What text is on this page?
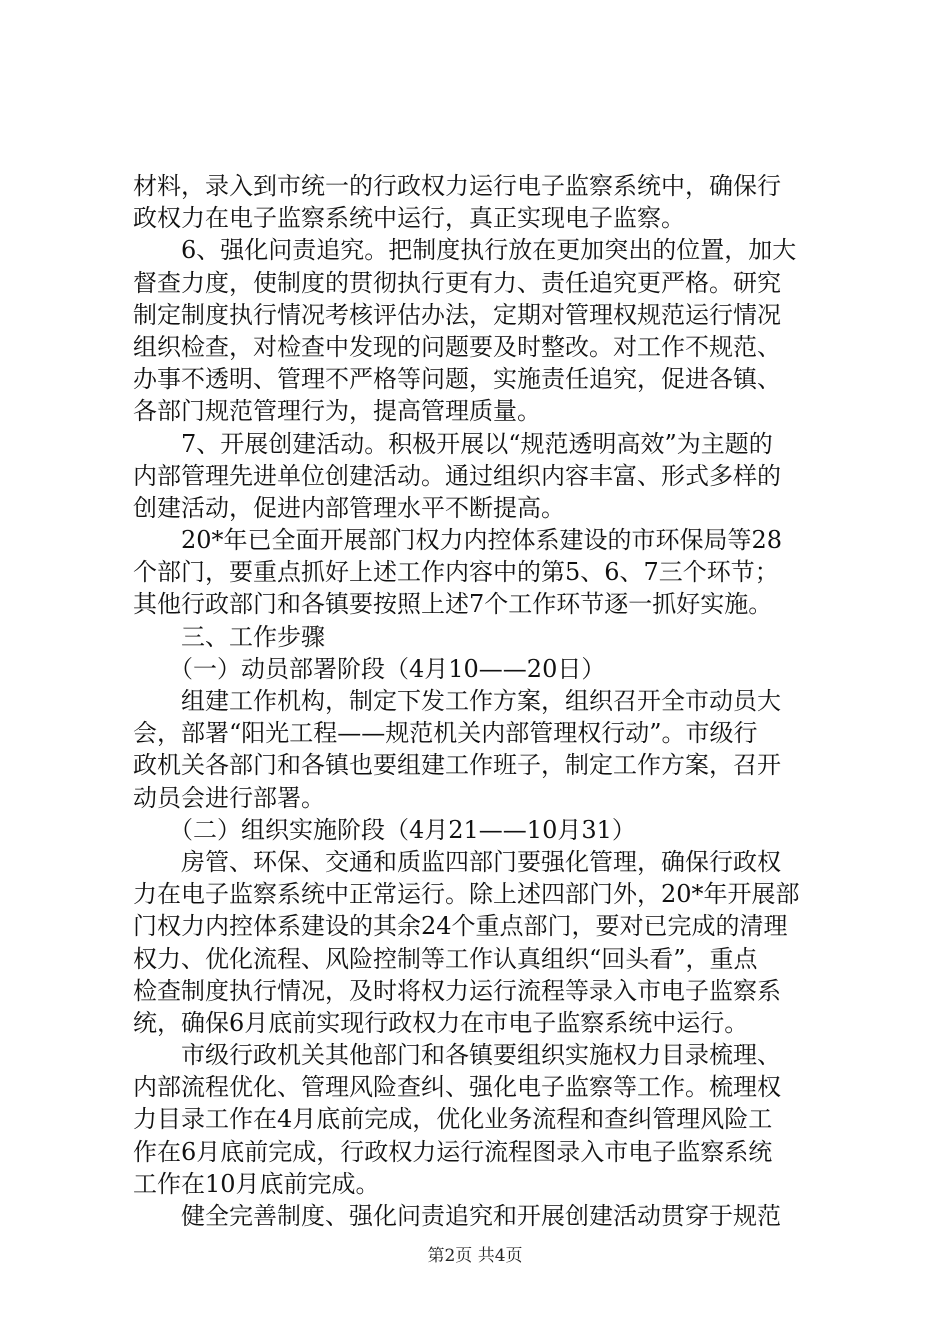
材料，录入到市统一的行政权力运行电子监察系统中，确保行
政权力在电子监察系统中运行，真正实现电子监察。
　　6、强化问责追究。把制度执行放在更加突出的位置，加大
督查力度，使制度的贯彻执行更有力、责任追究更严格。研究
制定制度执行情况考核评估办法，定期对管理权规范运行情况
组织检查，对检查中发现的问题要及时整改。对工作不规范、
办事不透明、管理不严格等问题，实施责任追究，促进各镇、
各部门规范管理行为，提高管理质量。
　　7、开展创建活动。积极开展以“规范透明高效”为主题的
内部管理先进单位创建活动。通过组织内容丰富、形式多样的
创建活动，促进内部管理水平不断提高。
　　20*年已全面开展部门权力内控体系建设的市环保局等28
个部门，要重点抓好上述工作内容中的第5、6、7三个环节；
其他行政部门和各镇要按照上述7个工作环节逐一抓好实施。
　　三、工作步骤
　　（一）动员部署阶段（4月10——20日）
　　组建工作机构，制定下发工作方案，组织召开全市动员大
会，部署“阳光工程——规范机关内部管理权行动”。市级行
政机关各部门和各镇也要组建工作班子，制定工作方案，召开
动员会进行部署。
　　（二）组织实施阶段（4月21——10月31）
　　房管、环保、交通和质监四部门要强化管理，确保行政权
力在电子监察系统中正常运行。除上述四部门外，20*年开展部
门权力内控体系建设的其余24个重点部门，要对已完成的清理
权力、优化流程、风险控制等工作认真组织“回头看”，重点
检查制度执行情况，及时将权力运行流程等录入市电子监察系
统，确保6月底前实现行政权力在市电子监察系统中运行。
　　市级行政机关其他部门和各镇要组织实施权力目录梳理、
内部流程优化、管理风险查纠、强化电子监察等工作。梳理权
力目录工作在4月底前完成，优化业务流程和查纠管理风险工
作在6月底前完成，行政权力运行流程图录入市电子监察系统
工作在10月底前完成。
　　健全完善制度、强化问责追究和开展创建活动贯穿于规范
第2页 共4页
